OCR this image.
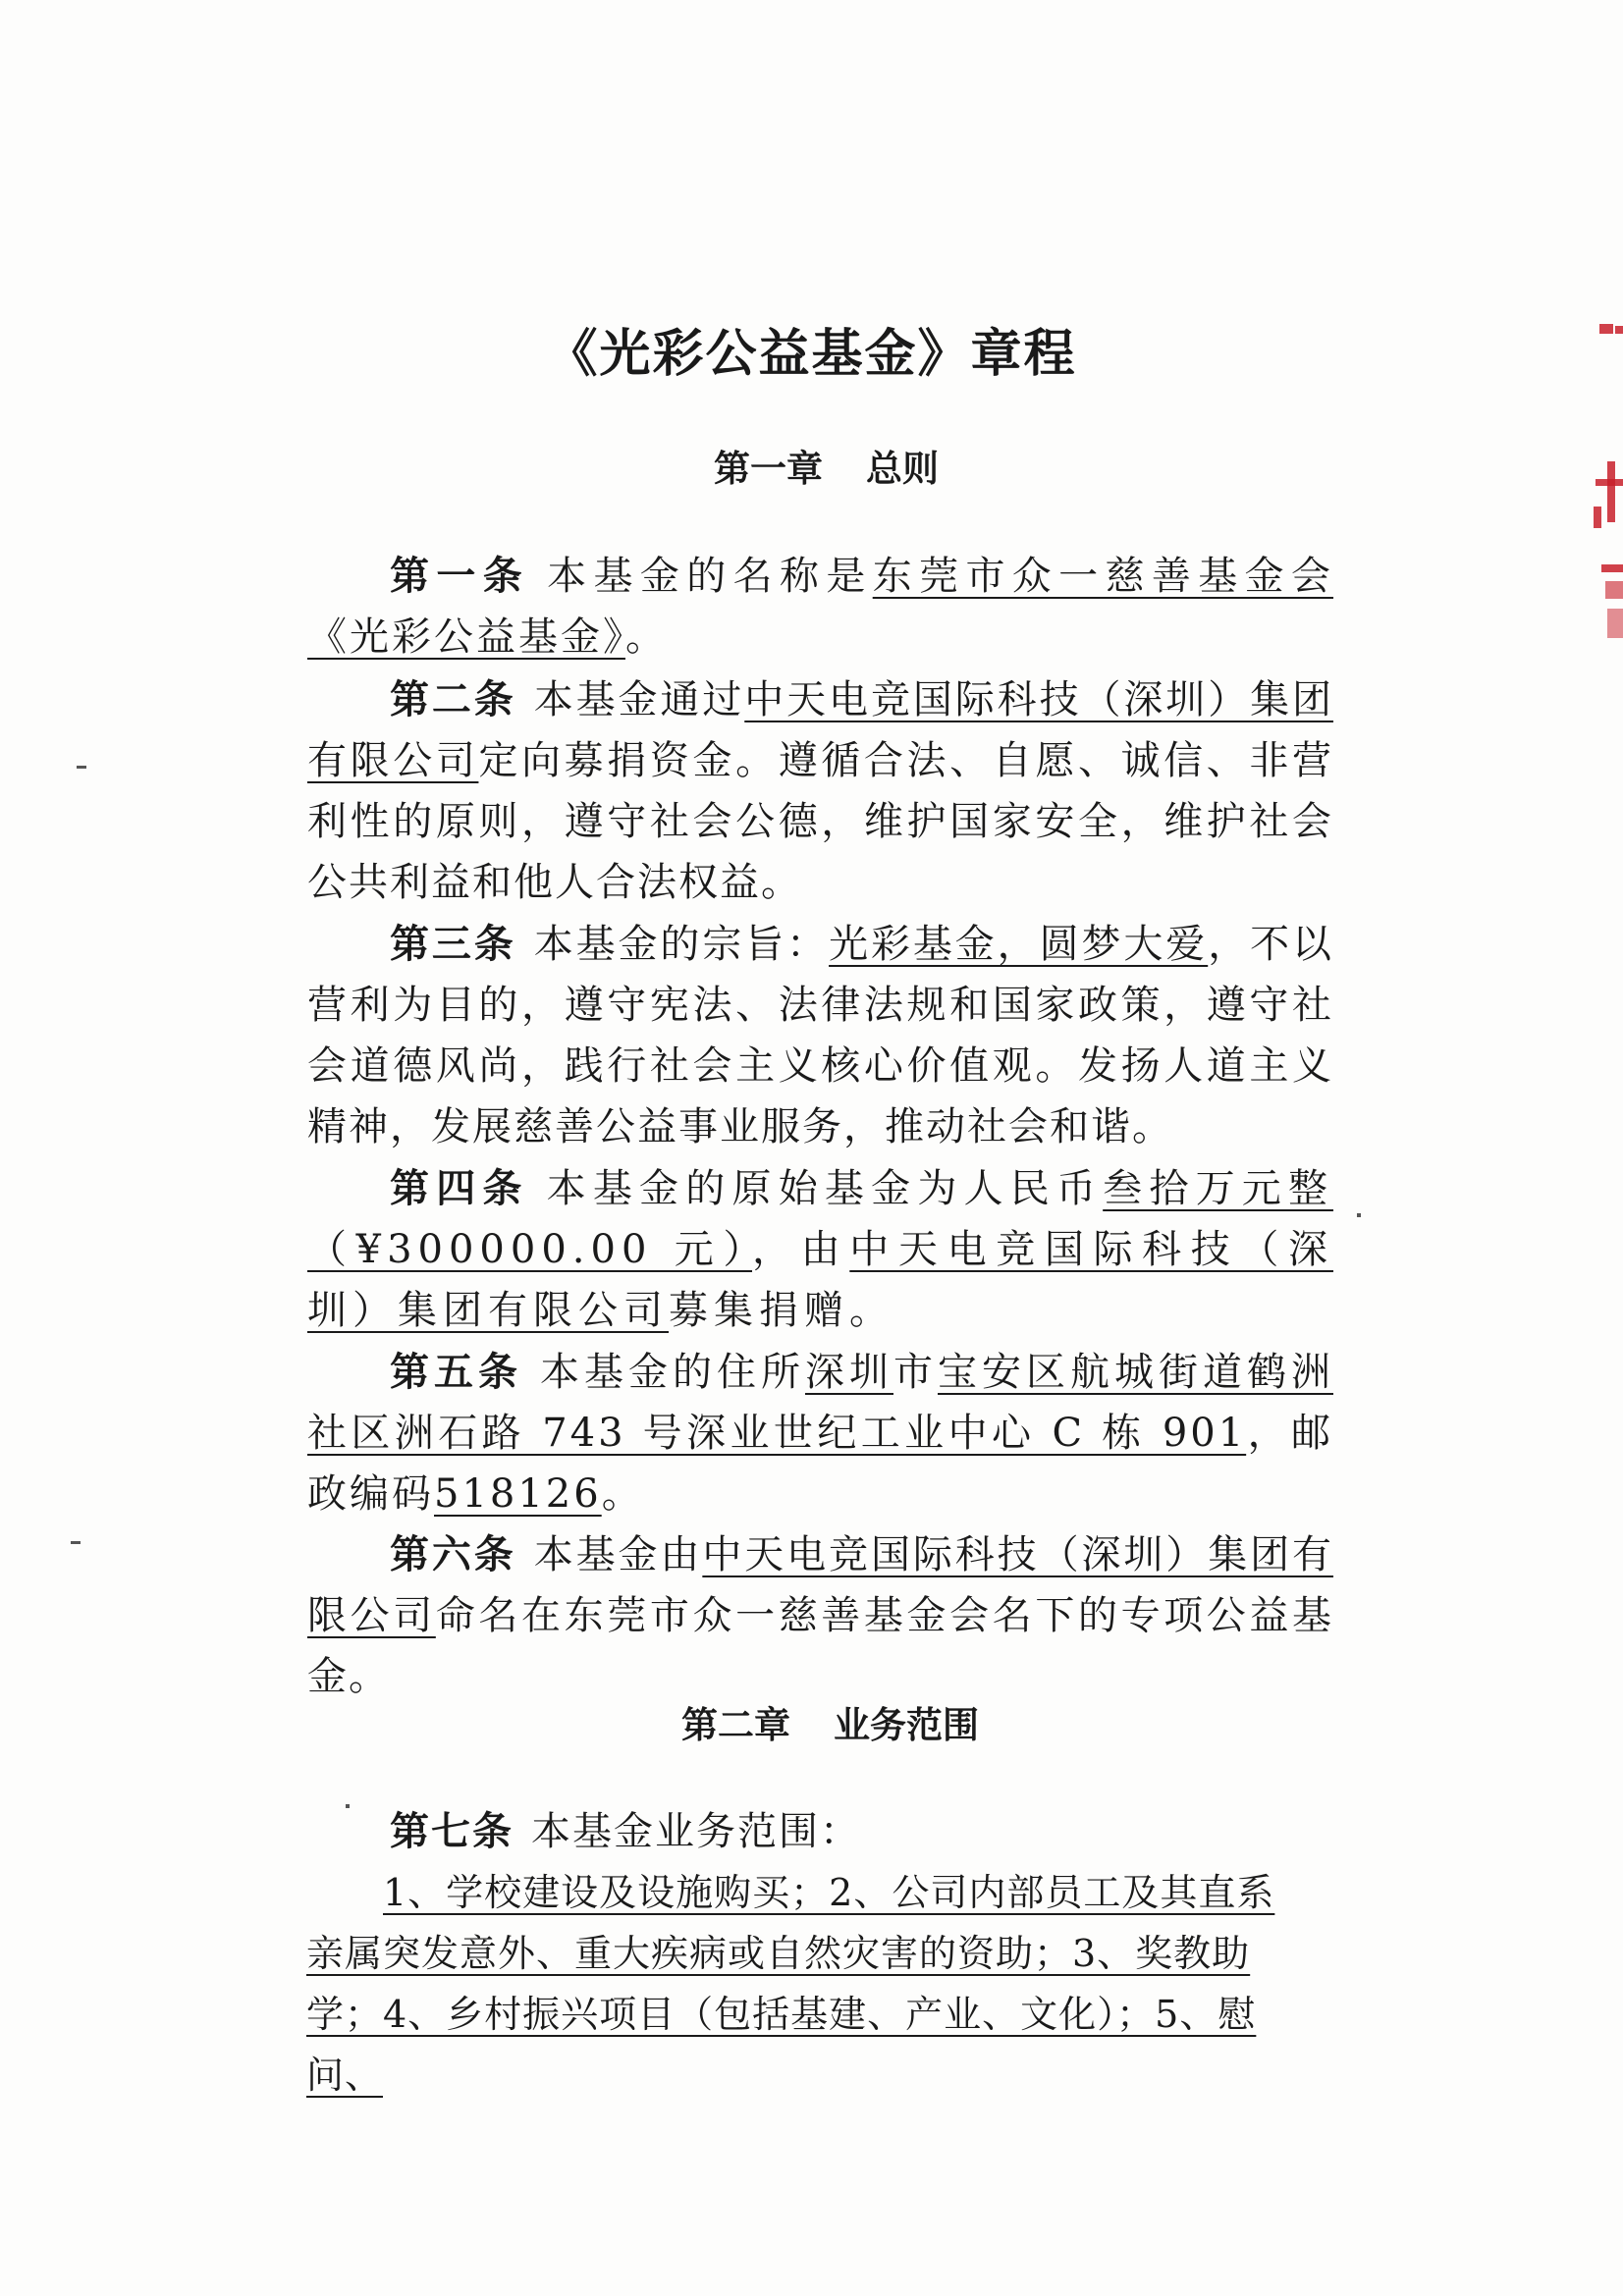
《光彩公益基金》章程
第一章 总则

第一条 本基金的名称是东莞市众一慈善基金会《光彩公益基金》。

第二条 本基金通过中天电竞国际科技（深圳）集团有限公司定向募捐资金。遵循合法、自愿、诚信、非营利性的原则，遵守社会公德，维护国家安全，维护社会公共利益和他人合法权益。

第三条 本基金的宗旨：光彩基金，圆梦大爱，不以营利为目的，遵守宪法、法律法规和国家政策，遵守社会道德风尚，践行社会主义核心价值观。发扬人道主义精神，发展慈善公益事业服务，推动社会和谐。

第四条 本基金的原始基金为人民币叁拾万元整（¥300000.00 元），由中天电竞国际科技（深圳）集团有限公司募集捐赠。

第五条 本基金的住所深圳市宝安区航城街道鹤洲社区洲石路 743 号深业世纪工业中心 C 栋 901，邮政编码518126。

第六条 本基金由中天电竞国际科技（深圳）集团有限公司命名在东莞市众一慈善基金会名下的专项公益基金。

第二章 业务范围

第七条 本基金业务范围：

1、学校建设及设施购买；2、公司内部员工及其直系亲属突发意外、重大疾病或自然灾害的资助；3、奖教助学；4、乡村振兴项目（包括基建、产业、文化）；5、慰问、
